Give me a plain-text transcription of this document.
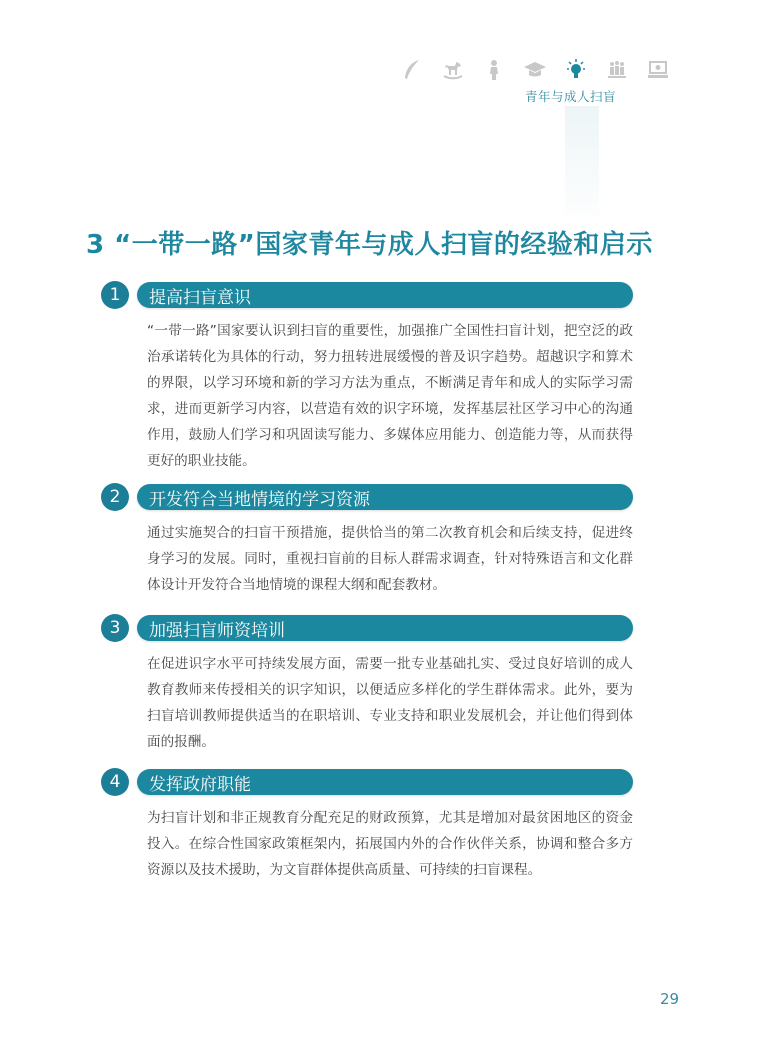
青年与成人扫盲
3 “一带一路”国家青年与成人扫盲的经验和启示
1	提高扫盲意识
“一带一路”国家要认识到扫盲的重要性，加强推广全国性扫盲计划，把空泛的政治承诺转化为具体的行动，努力扭转进展缓慢的普及识字趋势。超越识字和算术的界限，以学习环境和新的学习方法为重点，不断满足青年和成人的实际学习需求，进而更新学习内容，以营造有效的识字环境，发挥基层社区学习中心的沟通作用，鼓励人们学习和巩固读写能力、多媒体应用能力、创造能力等，从而获得更好的职业技能。
2	开发符合当地情境的学习资源
通过实施契合的扫盲干预措施，提供恰当的第二次教育机会和后续支持，促进终身学习的发展。同时，重视扫盲前的目标人群需求调查，针对特殊语言和文化群体设计开发符合当地情境的课程大纲和配套教材。
3	加强扫盲师资培训
在促进识字水平可持续发展方面，需要一批专业基础扎实、受过良好培训的成人教育教师来传授相关的识字知识，以便适应多样化的学生群体需求。此外，要为扫盲培训教师提供适当的在职培训、专业支持和职业发展机会，并让他们得到体面的报酬。
4	发挥政府职能
为扫盲计划和非正规教育分配充足的财政预算，尤其是增加对最贫困地区的资金投入。在综合性国家政策框架内，拓展国内外的合作伙伴关系，协调和整合多方资源以及技术援助，为文盲群体提供高质量、可持续的扫盲课程。
29
